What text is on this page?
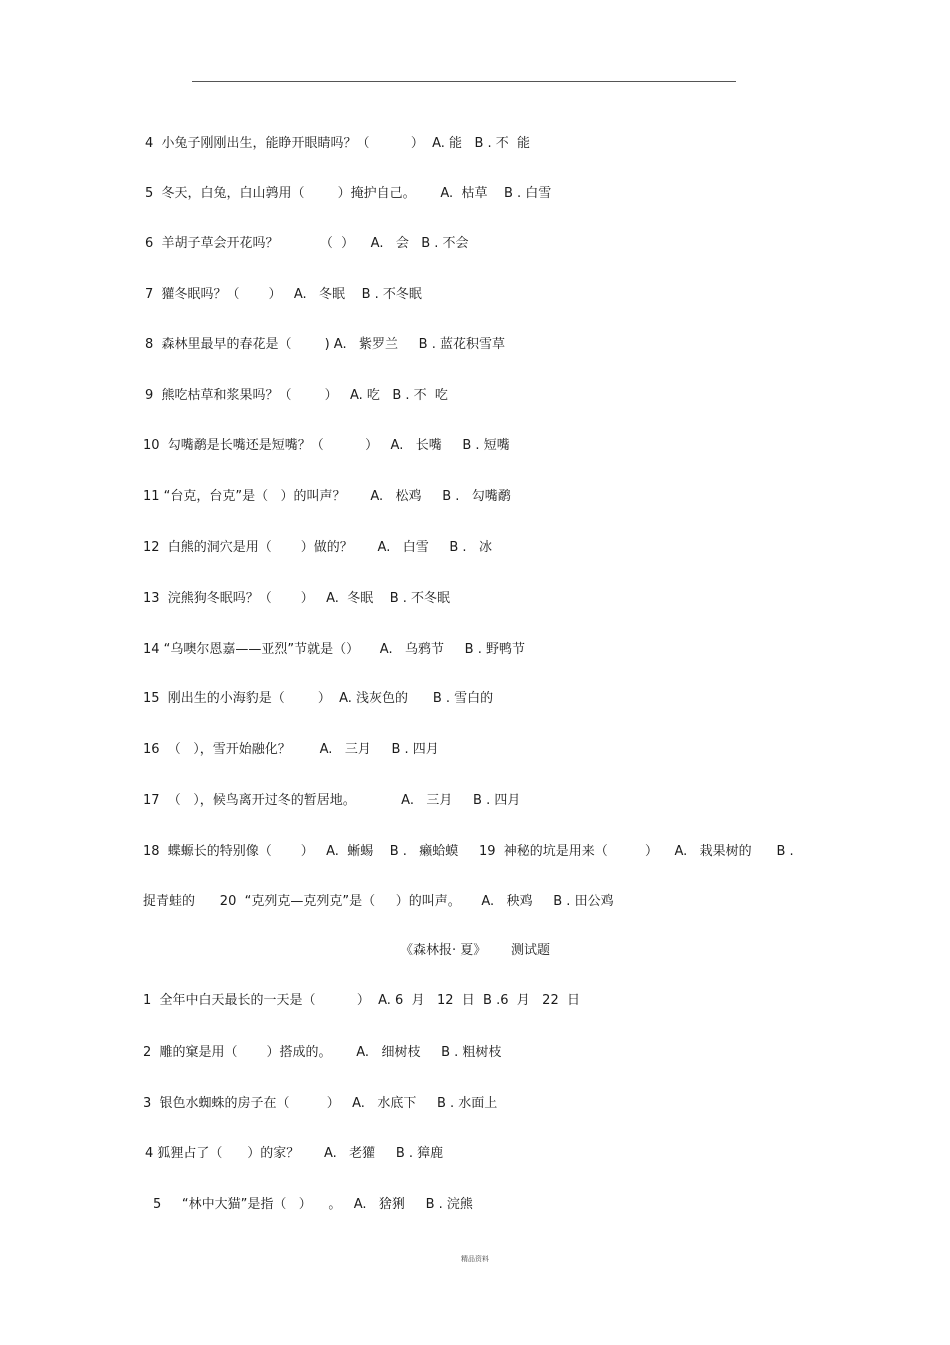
4  小兔子刚刚出生，能睁开眼睛吗？（          ）  A. 能   B . 不  能
5  冬天，白兔，白山鹑用（        ）掩护自己。      A.  枯草    B . 白雪
6  羊胡子草会开花吗？          （  ）    A.   会   B . 不会
7  獾冬眠吗？（       ）   A.   冬眠    B . 不冬眠
8  森林里最早的春花是（        ) A.   紫罗兰     B . 蓝花积雪草
9  熊吃枯草和浆果吗？（        ）   A. 吃   B . 不  吃
10  勾嘴鹬是长嘴还是短嘴？（          ）   A.   长嘴     B . 短嘴
11 “台克，台克”是（   ）的叫声？      A.   松鸡     B .   勾嘴鹬
12  白熊的洞穴是用（       ）做的？      A.   白雪     B .   冰
13  浣熊狗冬眠吗？（       ）   A.  冬眠    B . 不冬眠
14 “乌噢尔恩嘉——亚烈”节就是（）     A.   乌鸦节     B . 野鸭节
15  刚出生的小海豹是（        ）  A. 浅灰色的      B . 雪白的
16  （   ），雪开始融化？       A.   三月     B . 四月
17  （   ），候鸟离开过冬的暂居地。           A.   三月     B . 四月
18  蝶螈长的特别像（       ）   A.  蜥蜴    B .   癞蛤蟆     19  神秘的坑是用来（         ）    A.   栽果树的      B .
捉青蛙的      20  “克列克—克列克”是（     ）的叫声。     A.   秧鸡     B . 田公鸡
《森林报· 夏》      测试题
1  全年中白天最长的一天是（          ）  A. 6  月   12  日  B .6  月   22  日
2  雕的窠是用（       ）搭成的。      A.   细树枝     B . 粗树枝
3  银色水蜘蛛的房子在（         ）   A.   水底下     B . 水面上
4 狐狸占了（      ）的家？      A.   老獾     B . 獐鹿
5     “林中大猫”是指（   ）    。   A.   猞猁     B . 浣熊
精品资料
